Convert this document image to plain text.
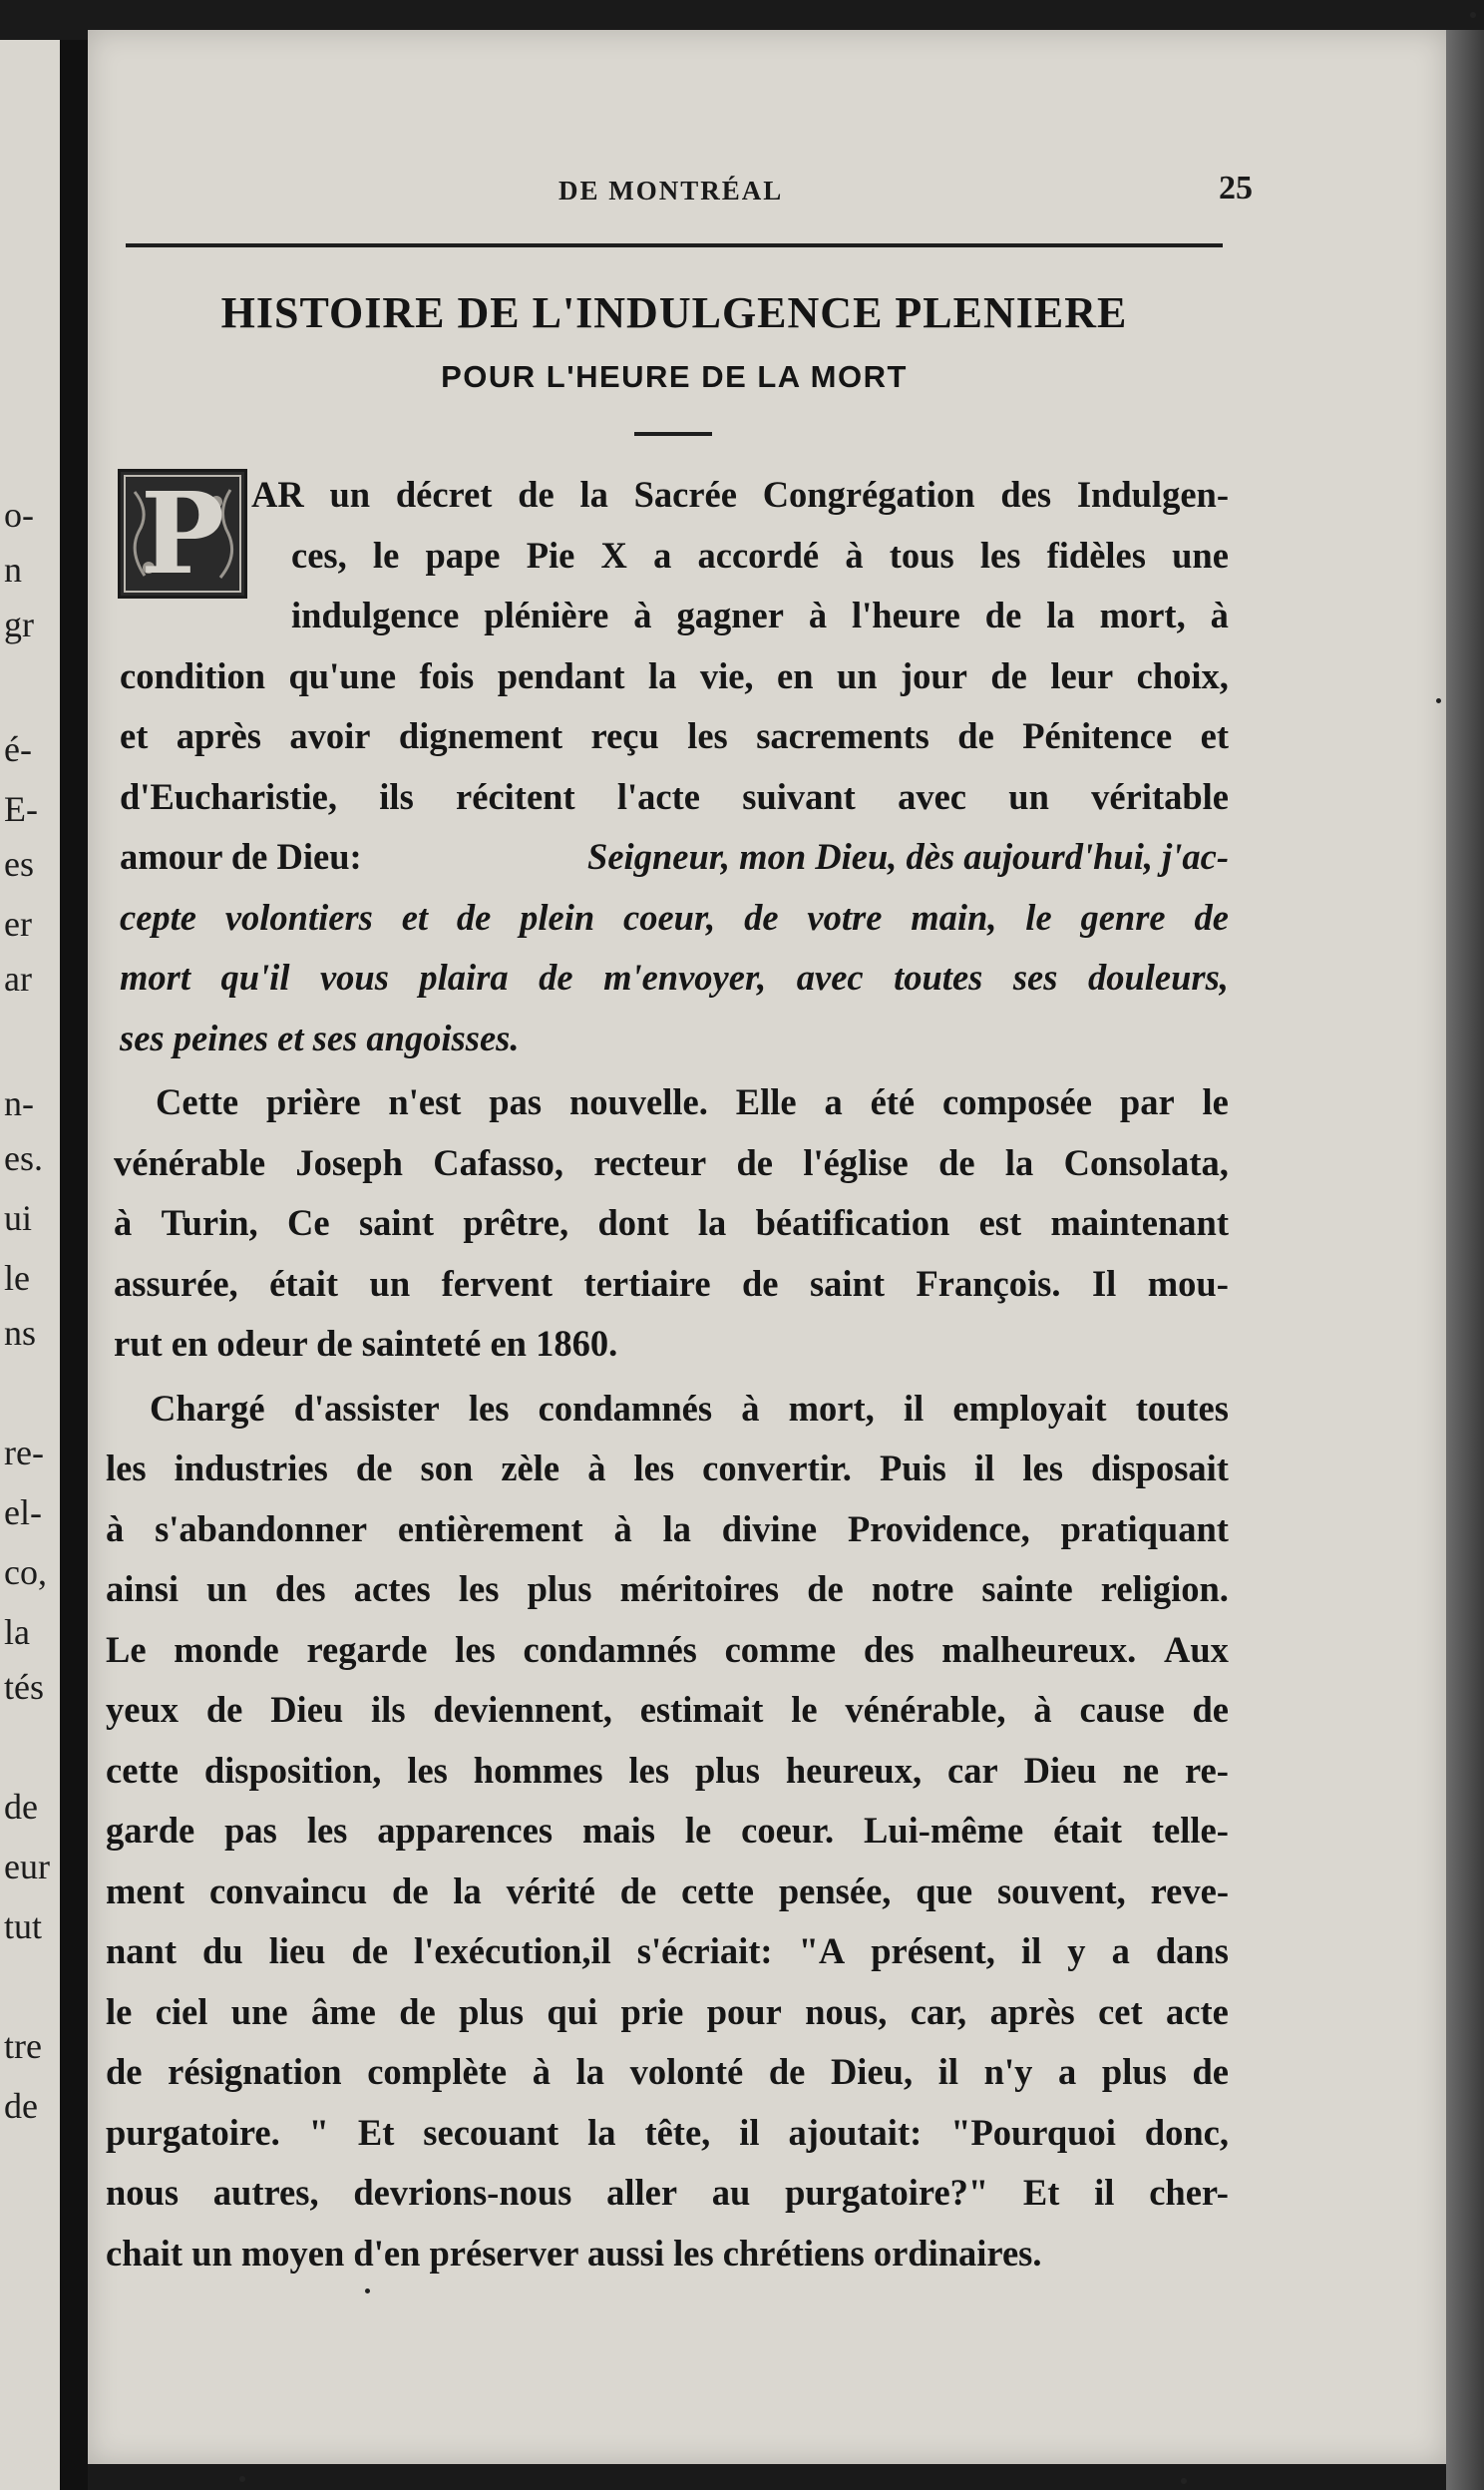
o-
n
gr
é-
E-
es
er
ar
n-
es.
ui
le
ns
re-
el-
co,
la
tés
de
eur
tut
tre
de
DE MONTRÉAL	25
HISTOIRE DE L'INDULGENCE PLENIERE
POUR L'HEURE DE LA MORT
P AR un décret de la Sacrée Congrégation des Indulgen-
ces, le pape Pie X a accordé à tous les fidèles une
indulgence plénière à gagner à l'heure de la mort, à
condition qu'une fois pendant la vie, en un jour de leur choix,
et après avoir dignement reçu les sacrements de Pénitence et
d'Eucharistie, ils récitent l'acte suivant avec un véritable
amour de Dieu:	Seigneur, mon Dieu, dès aujourd'hui, j'ac-
cepte volontiers et de plein coeur, de votre main, le genre de
mort qu'il vous plaira de m'envoyer, avec toutes ses douleurs,
ses peines et ses angoisses.
Cette prière n'est pas nouvelle. Elle a été composée par le
vénérable Joseph Cafasso, recteur de l'église de la Consolata,
à Turin, Ce saint prêtre, dont la béatification est maintenant
assurée, était un fervent tertiaire de saint François. Il mou-
rut en odeur de sainteté en 1860.
Chargé d'assister les condamnés à mort, il employait toutes
les industries de son zèle à les convertir. Puis il les disposait
à s'abandonner entièrement à la divine Providence, pratiquant
ainsi un des actes les plus méritoires de notre sainte religion.
Le monde regarde les condamnés comme des malheureux. Aux
yeux de Dieu ils deviennent, estimait le vénérable, à cause de
cette disposition, les hommes les plus heureux, car Dieu ne re-
garde pas les apparences mais le coeur. Lui-même était telle-
ment convaincu de la vérité de cette pensée, que souvent, reve-
nant du lieu de l'exécution,il s'écriait: "A présent, il y a dans
le ciel une âme de plus qui prie pour nous, car, après cet acte
de résignation complète à la volonté de Dieu, il n'y a plus de
purgatoire. " Et secouant la tête, il ajoutait: "Pourquoi donc,
nous autres, devrions-nous aller au purgatoire?" Et il cher-
chait un moyen d'en préserver aussi les chrétiens ordinaires.
